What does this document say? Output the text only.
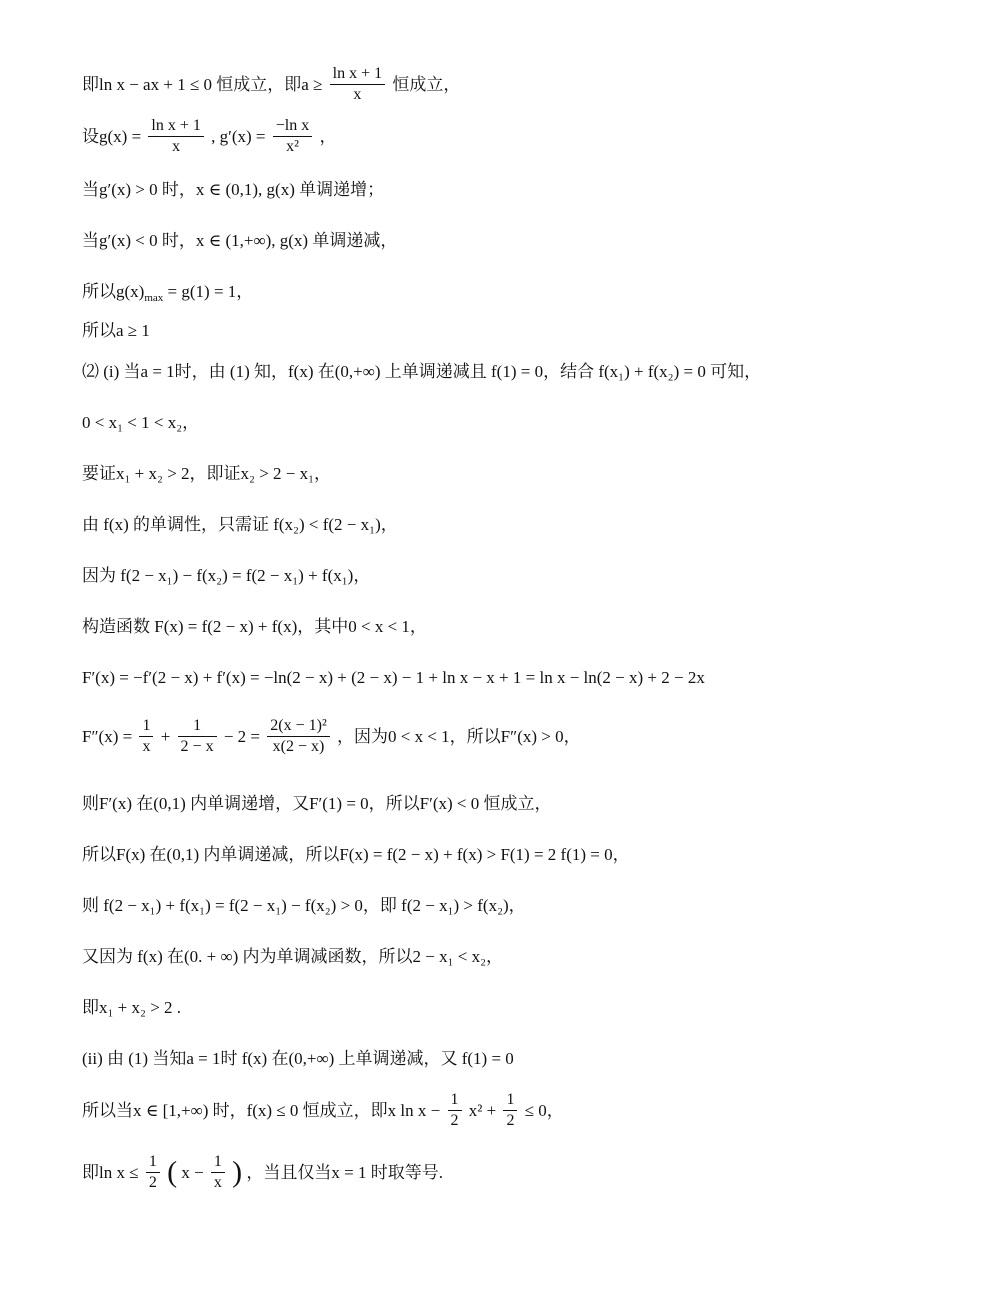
即ln x − ax + 1 ≤ 0 恒成立，即$a \ge \frac{\text{ln x + 1}}{x}$ 恒成立，
设$g(x) = \frac{\text{ln x + 1}}{x}$ , $g'(x) = \frac{\text{−ln x}}{\text{x²}}$ ，
当g′(x) > 0 时，x ∈ (0,1), g(x) 单调递增；
当g′(x) < 0 时，x ∈ (1,+∞), g(x) 单调递减，
所以$g(x)_{max} = g(1) = 1$，
所以a ≥ 1
⑵ (i) 当a = 1时，由 (1) 知，f(x) 在(0,+∞) 上单调递减且 f(1) = 0，结合 f(x₁) + f(x₂) = 0 可知，
0 < x₁ < 1 < x₂，
要证x₁ + x₂ > 2，即证x₂ > 2 − x₁，
由 f(x) 的单调性，只需证 f(x₂) < f(2 − x₁)，
因为 f(2 − x₁) − f(x₂) = f(2 − x₁) + f(x₁)，
构造函数 F(x) = f(2 − x) + f(x)，其中0 < x < 1，
F′(x) = −f′(2 − x) + f′(x) = −ln(2 − x) + (2 − x) − 1 + ln x − x + 1 = ln x − ln(2 − x) + 2 − 2x
$F''(x) = \frac{1}{x} + \frac{1}{2 - x} - 2 = \frac{\text{2(x − 1)²}}{x(2 - x)}$ ，因为0 < x < 1，所以F″(x) > 0，
则F′(x) 在(0,1) 内单调递增，又F′(1) = 0，所以F′(x) < 0 恒成立，
所以F(x) 在(0,1) 内单调递减，所以F(x) = f(2 − x) + f(x) > F(1) = 2 f(1) = 0，
则 f(2 − x₁) + f(x₁) = f(2 − x₁) − f(x₂) > 0，即 f(2 − x₁) > f(x₂)，
又因为 f(x) 在(0. + ∞) 内为单调减函数，所以2 − x₁ < x₂，
即x₁ + x₂ > 2 .
(ii) 由 (1) 当知a = 1时 f(x) 在(0,+∞) 上单调递减，又 f(1) = 0
所以当x ∈ [1,+∞) 时，f(x) ≤ 0 恒成立，即x $\ln x - \frac{1}{2} x^2 + \frac{1}{2} \le 0$，
即$\ln x \le \frac{1}{2}$ ( $x - \frac{1}{x}$ ) ，当且仅当x = 1 时取等号.
